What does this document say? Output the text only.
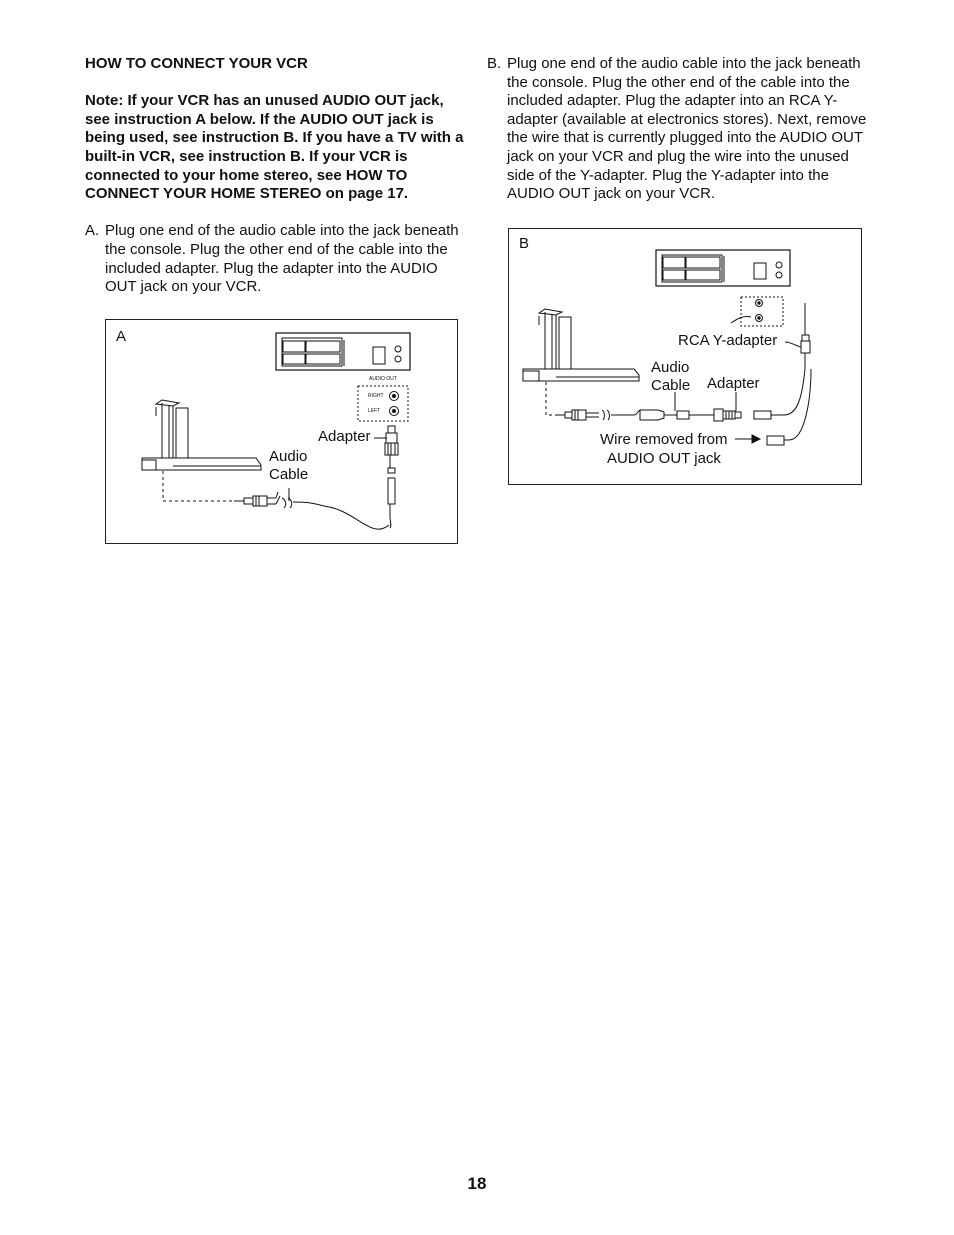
HOW TO CONNECT YOUR VCR

Note: If your VCR has an unused AUDIO OUT jack, see instruction A below. If the AUDIO OUT jack is being used, see instruction B. If you have a TV with a built-in VCR, see instruction B. If your VCR is connected to your home stereo, see HOW TO CONNECT YOUR HOME STEREO on page 17.

A. Plug one end of the audio cable into the jack beneath the console. Plug the other end of the cable into the included adapter. Plug the adapter into the AUDIO OUT jack on your VCR.
B. Plug one end of the audio cable into the jack beneath the console. Plug the other end of the cable into the included adapter. Plug the adapter into an RCA Y-adapter (available at electronics stores). Next, remove the wire that is currently plugged into the AUDIO OUT jack on your VCR and plug the wire into the unused side of the Y-adapter. Plug the Y-adapter into the AUDIO OUT jack on your VCR.
A
AUDIO OUT
RIGHT
LEFT
Adapter
Audio
Cable
B
RCA Y-adapter
Audio
Cable Adapter
Wire removed from
AUDIO OUT jack
18
